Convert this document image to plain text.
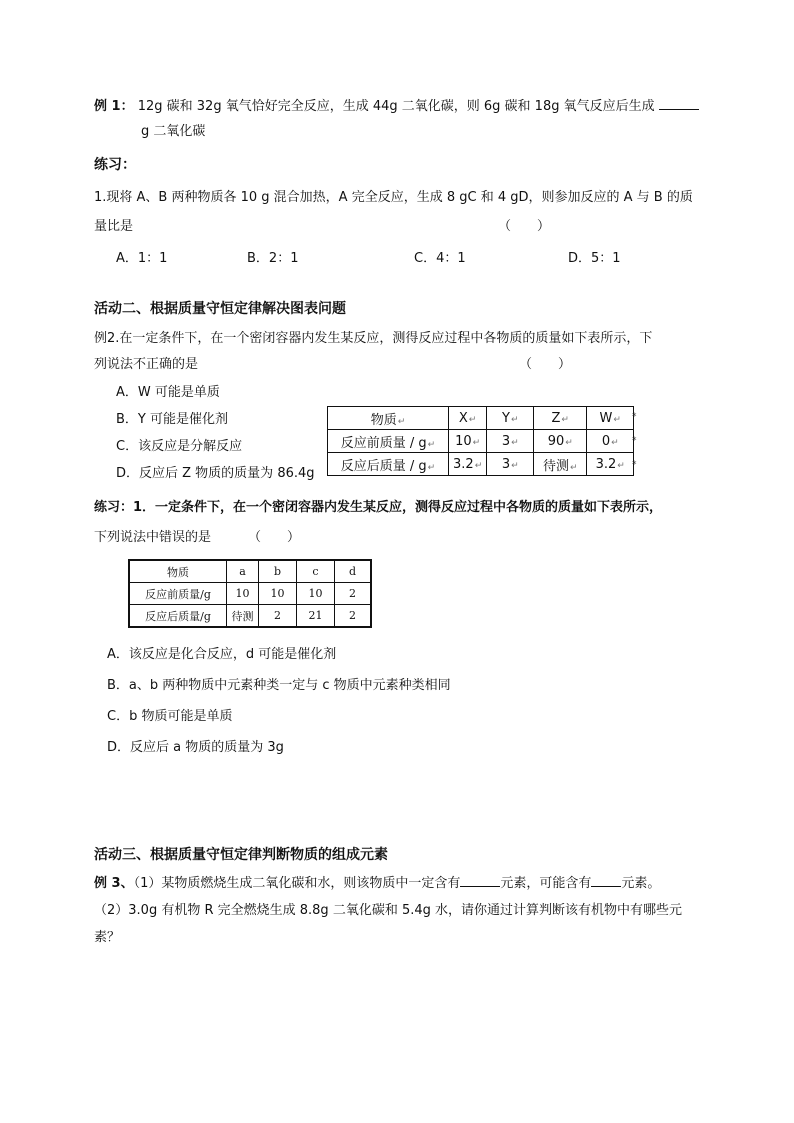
例 1： 12g 碳和 32g 氧气恰好完全反应，生成 44g 二氧化碳，则 6g 碳和 18g 氧气反应后生成
g 二氧化碳
练习：
1.现将 A、B 两种物质各 10 g 混合加热，A 完全反应，生成 8 gC 和 4 gD，则参加反应的 A 与 B 的质
量比是	（　　）
A．1：1	B．2：1	C．4：1	D．5：1
活动二、根据质量守恒定律解决图表问题
例2.在一定条件下，在一个密闭容器内发生某反应，测得反应过程中各物质的质量如下表所示，下
列说法不正确的是	（　　）
A．W 可能是单质
B．Y 可能是催化剂
C．该反应是分解反应
D．反应后 Z 物质的质量为 86.4g
物质↵	X↵	Y↵	Z↵	W↵
反应前质量 / g↵	10↵	3↵	90↵	0↵
反应后质量 / g↵	3.2↵	3↵	待测↵	3.2↵
*
*
*
练习：1．一定条件下，在一个密闭容器内发生某反应，测得反应过程中各物质的质量如下表所示，
下列说法中错误的是	（　　）
物质	a	b	c	d
反应前质量/g	10	10	10	2
反应后质量/g	待测	2	21	2
A．该反应是化合反应，d 可能是催化剂
B．a、b 两种物质中元素种类一定与 c 物质中元素种类相同
C．b 物质可能是单质
D．反应后 a 物质的质量为 3g
活动三、根据质量守恒定律判断物质的组成元素
例 3、（1）某物质燃烧生成二氧化碳和水，则该物质中一定含有	元素，可能含有 元素。
（2）3.0g 有机物 R 完全燃烧生成 8.8g 二氧化碳和 5.4g 水，请你通过计算判断该有机物中有哪些元
素？
